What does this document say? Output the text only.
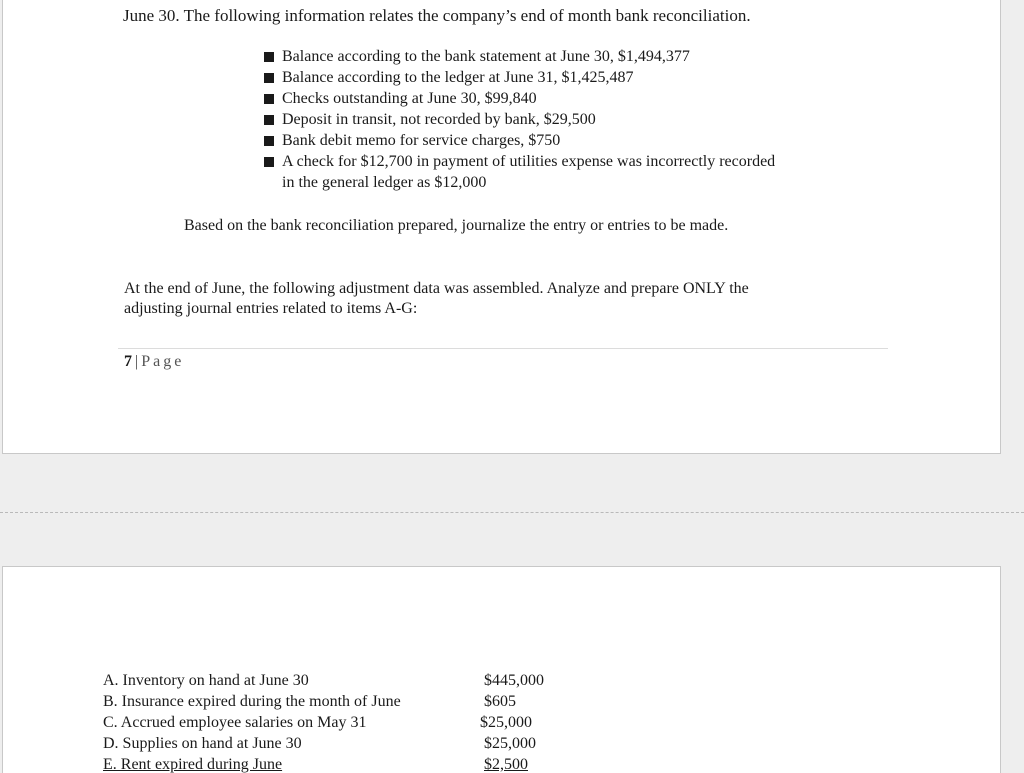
June 30. The following information relates the company’s end of month bank reconciliation.
Balance according to the bank statement at June 30, $1,494,377
Balance according to the ledger at June 31, $1,425,487
Checks outstanding at June 30, $99,840
Deposit in transit, not recorded by bank, $29,500
Bank debit memo for service charges, $750
A check for $12,700 in payment of utilities expense was incorrectly recorded
in the general ledger as $12,000
Based on the bank reconciliation prepared, journalize the entry or entries to be made.
At the end of June, the following adjustment data was assembled. Analyze and prepare ONLY the adjusting journal entries related to items A-G:
7 | Page
A. Inventory on hand at June 30	$445,000
B. Insurance expired during the month of June	$605
C. Accrued employee salaries on May 31	$25,000
D. Supplies on hand at June 30	$25,000
E. Rent expired during June	$2,500
